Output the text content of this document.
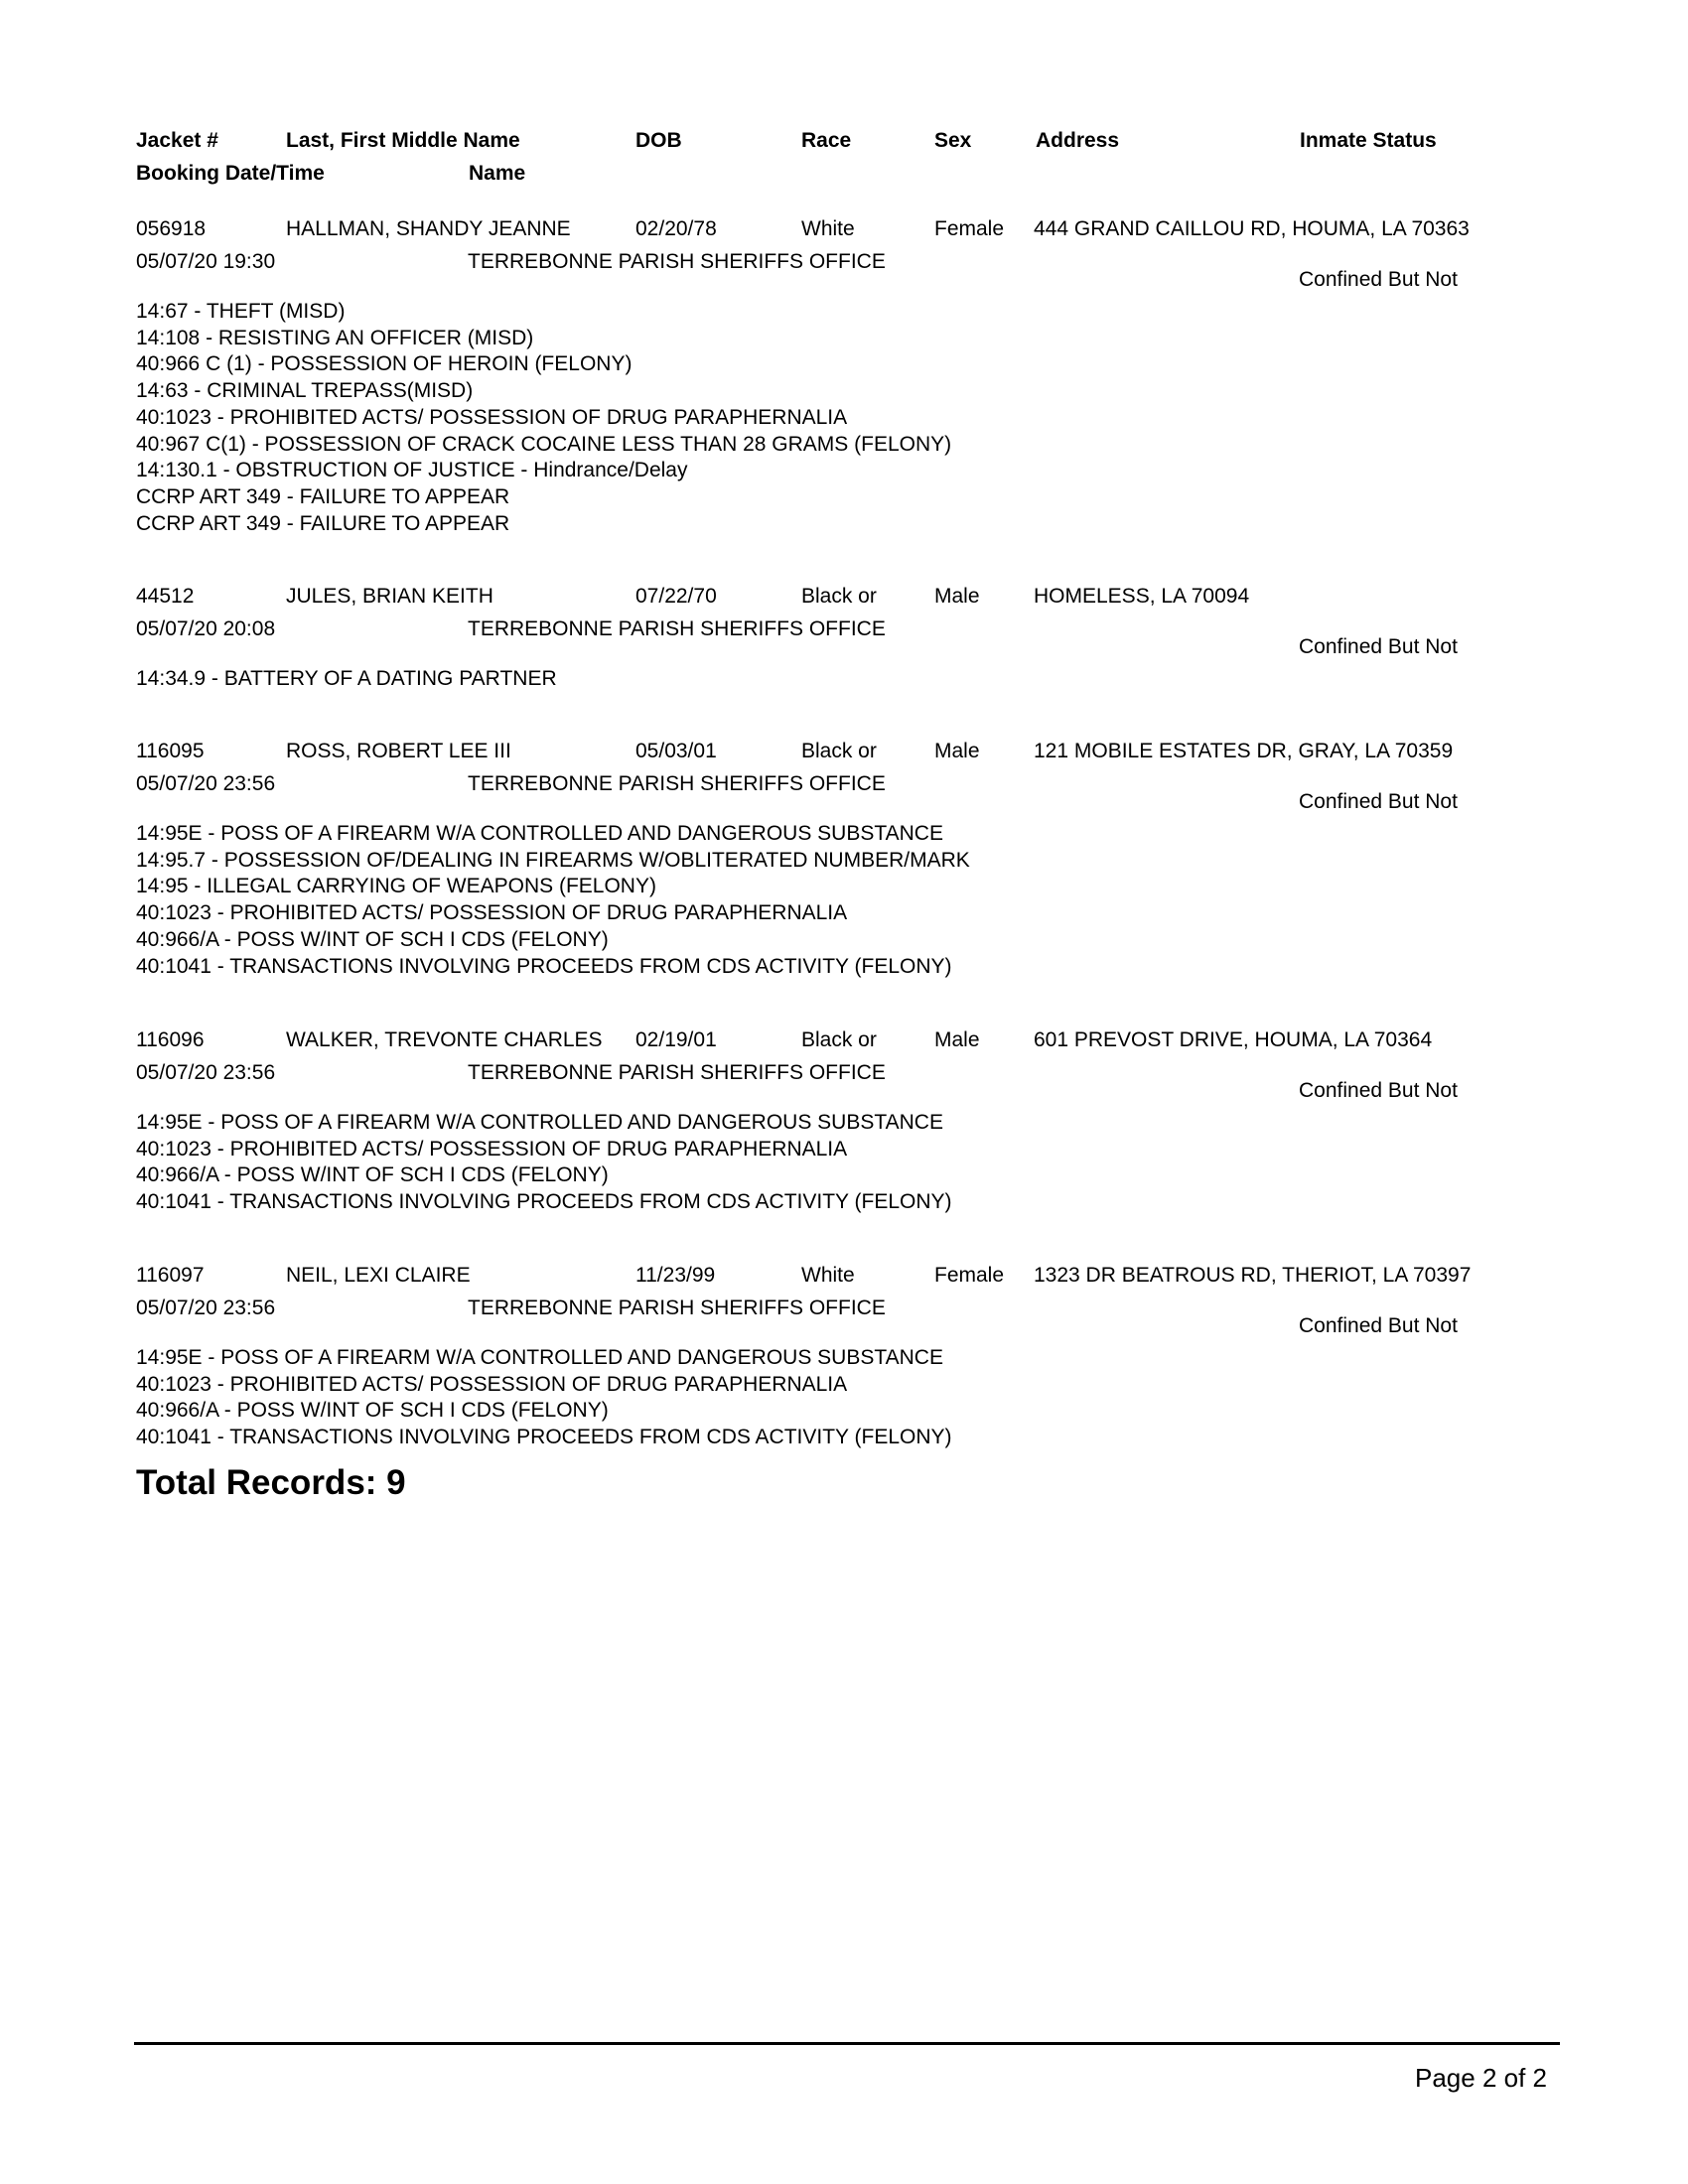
Jacket #	Last, First Middle Name	DOB	Race	Sex	Address	Inmate Status
Booking Date/Time	Name
056918	HALLMAN, SHANDY JEANNE	02/20/78	White	Female 444 GRAND CAILLOU RD, HOUMA, LA 70363
05/07/20 19:30	TERREBONNE PARISH SHERIFFS OFFICE
Confined But Not
14:67 - THEFT (MISD)
14:108 - RESISTING AN OFFICER (MISD)
40:966 C (1) - POSSESSION OF HEROIN (FELONY)
14:63 - CRIMINAL TREPASS(MISD)
40:1023 - PROHIBITED ACTS/ POSSESSION OF DRUG PARAPHERNALIA
40:967 C(1) - POSSESSION OF CRACK COCAINE LESS THAN 28 GRAMS (FELONY)
14:130.1 - OBSTRUCTION OF JUSTICE - Hindrance/Delay
CCRP ART 349 - FAILURE TO APPEAR
CCRP ART 349 - FAILURE TO APPEAR
44512	JULES, BRIAN KEITH	07/22/70	Black or	Male	HOMELESS, LA 70094
05/07/20 20:08	TERREBONNE PARISH SHERIFFS OFFICE
Confined But Not
14:34.9 - BATTERY OF A DATING PARTNER
116095	ROSS, ROBERT LEE III	05/03/01	Black or	Male	121 MOBILE ESTATES DR, GRAY, LA 70359
05/07/20 23:56	TERREBONNE PARISH SHERIFFS OFFICE
Confined But Not
14:95E - POSS OF A FIREARM W/A CONTROLLED AND DANGEROUS SUBSTANCE
14:95.7 - POSSESSION OF/DEALING IN FIREARMS W/OBLITERATED NUMBER/MARK
14:95 - ILLEGAL CARRYING OF WEAPONS (FELONY)
40:1023 - PROHIBITED ACTS/ POSSESSION OF DRUG PARAPHERNALIA
40:966/A - POSS W/INT OF SCH I CDS (FELONY)
40:1041 - TRANSACTIONS INVOLVING PROCEEDS FROM CDS ACTIVITY (FELONY)
116096	WALKER, TREVONTE CHARLES 02/19/01	Black or	Male	601 PREVOST DRIVE, HOUMA, LA 70364
05/07/20 23:56	TERREBONNE PARISH SHERIFFS OFFICE
Confined But Not
14:95E - POSS OF A FIREARM W/A CONTROLLED AND DANGEROUS SUBSTANCE
40:1023 - PROHIBITED ACTS/ POSSESSION OF DRUG PARAPHERNALIA
40:966/A - POSS W/INT OF SCH I CDS (FELONY)
40:1041 - TRANSACTIONS INVOLVING PROCEEDS FROM CDS ACTIVITY (FELONY)
116097	NEIL, LEXI CLAIRE	11/23/99	White	Female 1323 DR BEATROUS RD, THERIOT, LA 70397
05/07/20 23:56	TERREBONNE PARISH SHERIFFS OFFICE
Confined But Not
14:95E - POSS OF A FIREARM W/A CONTROLLED AND DANGEROUS SUBSTANCE
40:1023 - PROHIBITED ACTS/ POSSESSION OF DRUG PARAPHERNALIA
40:966/A - POSS W/INT OF SCH I CDS (FELONY)
40:1041 - TRANSACTIONS INVOLVING PROCEEDS FROM CDS ACTIVITY (FELONY)
Total Records: 9
Page 2 of 2
